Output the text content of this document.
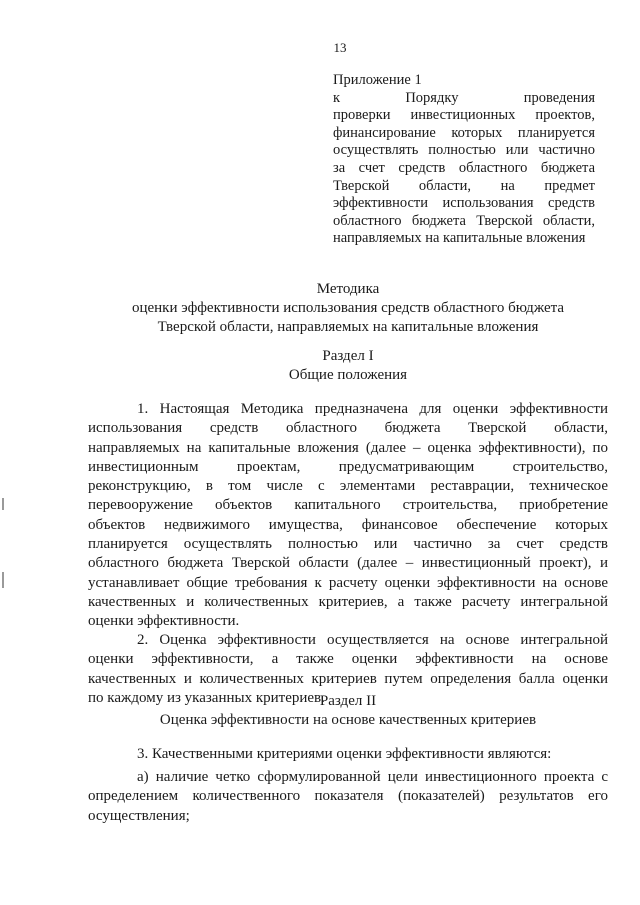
13
Приложение 1
к Порядку проведения
проверки инвестиционных проектов,
финансирование которых планируется
осуществлять полностью или частично
за счет средств областного бюджета
Тверской области, на предмет
эффективности использования средств
областного бюджета Тверской области,
направляемых на капитальные вложения
Методика
оценки эффективности использования средств областного бюджета
Тверской области, направляемых на капитальные вложения
Раздел I
Общие положения
1. Настоящая Методика предназначена для оценки эффективности
использования средств областного бюджета Тверской области,
направляемых на капитальные вложения (далее – оценка эффективности), по
инвестиционным проектам, предусматривающим строительство,
реконструкцию, в том числе с элементами реставрации, техническое
перевооружение объектов капитального строительства, приобретение
объектов недвижимого имущества, финансовое обеспечение которых
планируется осуществлять полностью или частично за счет средств
областного бюджета Тверской области (далее – инвестиционный проект), и
устанавливает общие требования к расчету оценки эффективности на основе
качественных и количественных критериев, а также расчету интегральной
оценки эффективности.
2. Оценка эффективности осуществляется на основе интегральной
оценки эффективности, а также оценки эффективности на основе
качественных и количественных критериев путем определения балла оценки
по каждому из указанных критериев.
Раздел II
Оценка эффективности на основе качественных критериев
3. Качественными критериями оценки эффективности являются:
а) наличие четко сформулированной цели инвестиционного проекта с
определением количественного показателя (показателей) результатов его
осуществления;
